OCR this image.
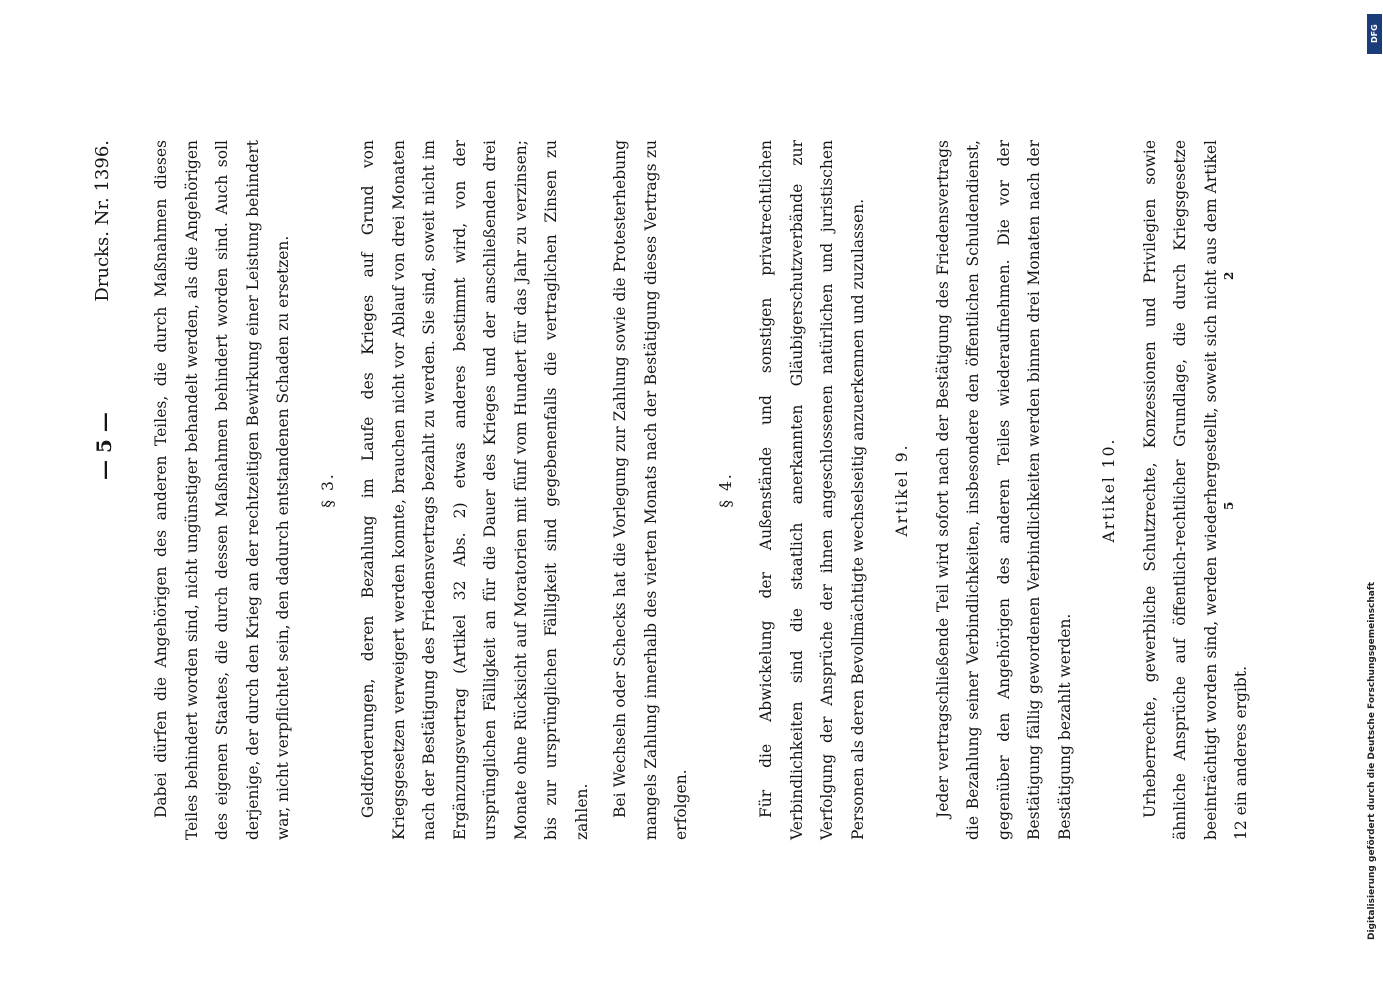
— 5 —
Drucks. Nr. 1396.	Dabei dürfen die Angehörigen des anderen Teiles, die durch Maßnahmen dieses Teiles behindert worden sind, nicht ungünstiger behandelt werden, als die Angehörigen des eigenen Staates, die durch dessen Maßnahmen behindert worden sind. Auch soll derjenige, der durch den Krieg an der rechtzeitigen Bewirkung einer Leistung behindert war, nicht verpflichtet sein, den dadurch entstandenen Schaden zu ersetzen.	§ 3.	Geldforderungen, deren Bezahlung im Laufe des Krieges auf Grund von Kriegsgesetzen verweigert werden konnte, brauchen nicht vor Ablauf von drei Monaten nach der Bestätigung des Friedensvertrags bezahlt zu werden. Sie sind, soweit nicht im Ergänzungsvertrag (Artikel 32 Abs. 2) etwas anderes bestimmt wird, von der ursprünglichen Fälligkeit an für die Dauer des Krieges und der anschließenden drei Monate ohne Rücksicht auf Moratorien mit fünf vom Hundert für das Jahr zu verzinsen; bis zur ursprünglichen Fälligkeit sind gegebenenfalls die vertraglichen Zinsen zu zahlen.	Bei Wechseln oder Schecks hat die Vorlegung zur Zahlung sowie die Protesterhebung mangels Zahlung innerhalb des vierten Monats nach der Bestätigung dieses Vertrags zu erfolgen.

§ 4.	Für die Abwickelung der Außenstände und sonstigen privatrechtlichen Verbindlichkeiten sind die staatlich anerkannten Gläubigerschutzverbände zur Verfolgung der Ansprüche der ihnen angeschlossenen natürlichen und juristischen Personen als deren Bevollmächtigte wechselseitig anzuerkennen und zuzulassen.	Artikel 9.	Jeder vertragschließende Teil wird sofort nach der Bestätigung des Friedensvertrags die Bezahlung seiner Verbindlichkeiten, insbesondere den öffentlichen Schuldendienst, gegenüber den Angehörigen des anderen Teiles wiederaufnehmen. Die vor der Bestätigung fällig gewordenen Verbindlichkeiten werden binnen drei Monaten nach der Bestätigung bezahlt werden.

Artikel 10.	Urheberrechte, gewerbliche Schutzrechte, Konzessionen und Privilegien sowie ähnliche Ansprüche auf öffentlich-rechtlicher Grundlage, die durch Kriegsgesetze beeinträchtigt worden sind, werden wiederhergestellt, soweit sich nicht aus dem Artikel 12 ein anderes ergibt.

5
2
DFG
Digitalisierung gefördert durch die Deutsche Forschungsgemeinschaft
